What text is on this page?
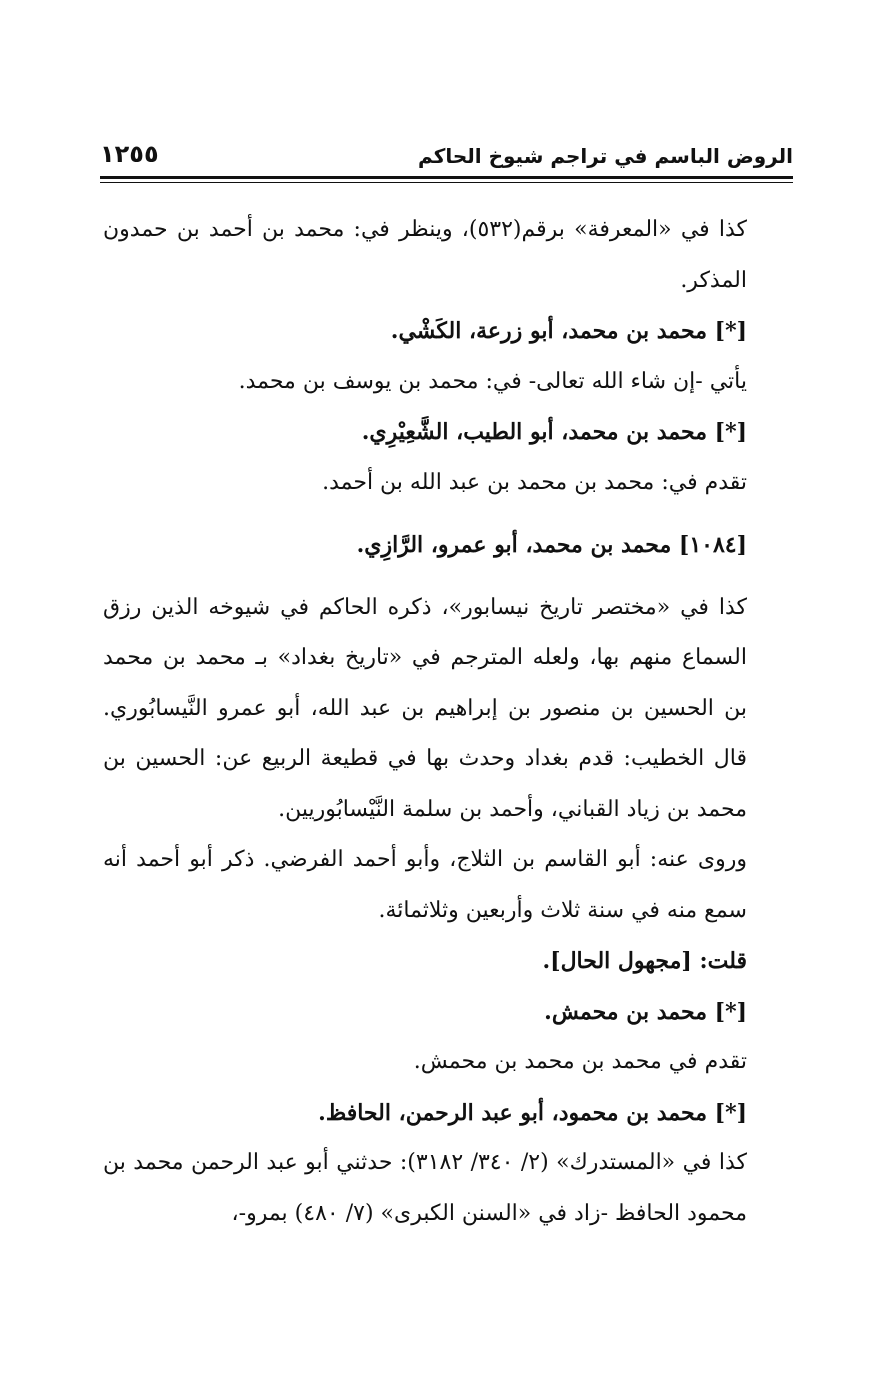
الروض الباسم في تراجم شيوخ الحاكم
١٢٥٥

كذا في «المعرفة» برقم(٥٣٢)، وينظر في: محمد بن أحمد بن حمدون المذكر.

[*] محمد بن محمد، أبو زرعة، الكَشْي.

يأتي -إن شاء الله تعالى- في: محمد بن يوسف بن محمد.

[*] محمد بن محمد، أبو الطيب، الشَّعِيْرِي.

تقدم في: محمد بن محمد بن عبد الله بن أحمد.

[١٠٨٤] محمد بن محمد، أبو عمرو، الرَّازِي.

كذا في «مختصر تاريخ نيسابور»، ذكره الحاكم في شيوخه الذين رزق السماع منهم بها، ولعله المترجم في «تاريخ بغداد» بـ محمد بن محمد بن الحسين بن منصور بن إبراهيم بن عبد الله، أبو عمرو النَّيسابُوري. قال الخطيب: قدم بغداد وحدث بها في قطيعة الربيع عن: الحسين بن محمد بن زياد القباني، وأحمد بن سلمة النَّيْسابُوريين.

وروى عنه: أبو القاسم بن الثلاج، وأبو أحمد الفرضي. ذكر أبو أحمد أنه سمع منه في سنة ثلاث وأربعين وثلاثمائة.

قلت: [مجهول الحال].

[*] محمد بن محمش.

تقدم في محمد بن محمد بن محمش.

[*] محمد بن محمود، أبو عبد الرحمن، الحافظ.

كذا في «المستدرك» (٢/ ٣٤٠/ ٣١٨٢): حدثني أبو عبد الرحمن محمد بن محمود الحافظ -زاد في «السنن الكبرى» (٧/ ٤٨٠) بمرو-،
